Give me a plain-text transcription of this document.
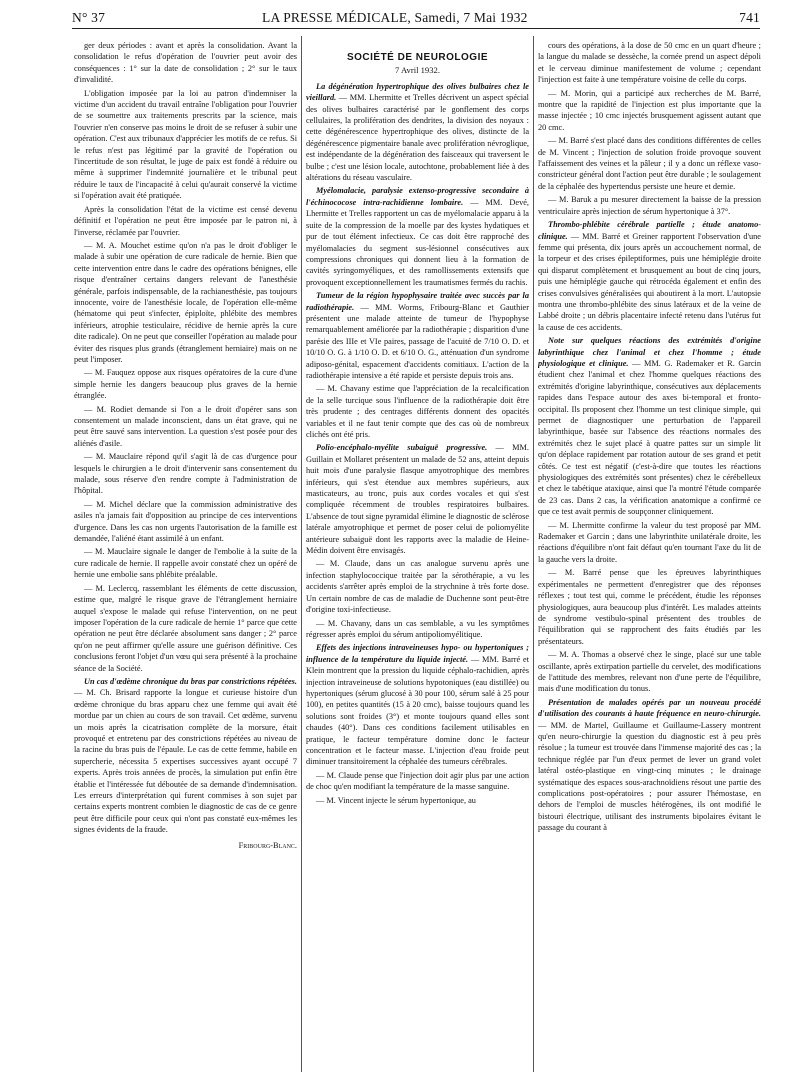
N° 37	LA PRESSE MÉDICALE, Samedi, 7 Mai 1932	741

ger deux périodes : avant et après la consolidation. Avant la consolidation le refus d'opération de l'ouvrier peut avoir des conséquences : 1° sur la date de consolidation ; 2° sur le taux d'invalidité.

L'obligation imposée par la loi au patron d'indemniser la victime d'un accident du travail entraîne l'obligation pour l'ouvrier de se soumettre aux traitements prescrits par la science, mais l'ouvrier n'en conserve pas moins le droit de se refuser à subir une opération. C'est aux tribunaux d'apprécier les motifs de ce refus. Si le refus n'est pas légitimé par la gravité de l'opération ou l'incertitude de son résultat, le juge de paix est fondé à réduire ou même à supprimer l'indemnité journalière et le tribunal peut réduire le taux de l'incapacité à celui qu'aurait conservé la victime si l'opération avait été pratiquée.

Après la consolidation l'état de la victime est censé devenu définitif et l'opération ne peut être imposée par le patron ni, à l'inverse, réclamée par l'ouvrier.

— M. A. Mouchet estime qu'on n'a pas le droit d'obliger le malade à subir une opération de cure radicale de hernie. Bien que cette intervention entre dans le cadre des opérations bénignes, elle risque d'entraîner certains dangers relevant de l'anesthésie générale, parfois indispensable, de la rachianesthésie, pas toujours innocente, voire de l'anesthésie locale, de l'opération elle-même (hématome qui peut s'infecter, épiploïte, phlébite des membres inférieurs, atrophie testiculaire, récidive de hernie après la cure dite radicale). On ne peut que conseiller l'opération au malade pour éviter des risques plus grands (étranglement herniaire) mais on ne peut l'imposer.

— M. Fauquez oppose aux risques opératoires de la cure d'une simple hernie les dangers beaucoup plus graves de la hernie étranglée.

— M. Rodiet demande si l'on a le droit d'opérer sans son consentement un malade inconscient, dans un état grave, qui ne peut être sauvé sans intervention. La question s'est posée pour des aliénés d'asile.

— M. Mauclaire répond qu'il s'agit là de cas d'urgence pour lesquels le chirurgien a le droit d'intervenir sans consentement du malade, sous réserve d'en rendre compte à l'administration de l'hôpital.

— M. Michel déclare que la commission administrative des asiles n'a jamais fait d'opposition au principe de ces interventions d'urgence. Dans les cas non urgents l'autorisation de la famille est demandée, l'aliéné étant assimilé à un enfant.

— M. Mauclaire signale le danger de l'embolie à la suite de la cure radicale de hernie. Il rappelle avoir constaté chez un opéré de hernie une embolie sans phlébite préalable.

— M. Leclercq, rassemblant les éléments de cette discussion, estime que, malgré le risque grave de l'étranglement herniaire auquel s'expose le malade qui refuse l'intervention, on ne peut imposer l'opération de la cure radicale de hernie 1° parce que cette opération ne peut être déclarée absolument sans danger ; 2° parce qu'on ne peut affirmer qu'elle assure une guérison définitive. Ces conclusions feront l'objet d'un vœu qui sera présenté à la prochaine séance de la Société.

Un cas d'œdème chronique du bras par constrictions répétées. — M. Ch. Brisard rapporte la longue et curieuse histoire d'un œdème chronique du bras apparu chez une femme qui avait été mordue par un chien au cours de son travail. Cet œdème, survenu un mois après la cicatrisation complète de la morsure, était provoqué et entretenu par des constrictions répétées au niveau de la racine du bras puis de l'épaule. Le cas de cette femme, habile en supercherie, nécessita 5 expertises successives ayant occupé 7 experts. Après trois années de procès, la simulation put enfin être établie et l'intéressée fut déboutée de sa demande d'indemnisation. Les erreurs d'interprétation qui furent commises à son sujet par certains experts montrent combien le diagnostic de cas de ce genre peut être difficile pour ceux qui n'ont pas constaté eux-mêmes les signes évidents de la fraude.

Fribourg-Blanc.
SOCIÉTÉ DE NEUROLOGIE
7 Avril 1932.

La dégénération hypertrophique des olives bulbaires chez le vieillard. — MM. Lhermitte et Trelles décrivent un aspect spécial des olives bulbaires caractérisé par le gonflement des corps cellulaires, la prolifération des dendrites, la division des noyaux : cette dégénérescence hypertrophique des olives, distincte de la dégénérescence pigmentaire banale avec prolifération névroglique, est indépendante de la dégénération des faisceaux qui traversent le bulbe ; c'est une lésion locale, autochtone, probablement liée à des altérations du réseau vasculaire.

Myélomalacie, paralysie extenso-progressive secondaire à l'échinococose intra-rachidienne lombaire. — MM. Devé, Lhermitte et Trelles rapportent un cas de myélomalacie apparu à la suite de la compression de la moelle par des kystes hydatiques et pur de tout élément infectieux. Ce cas doit être rapproché des myélomalacies du segment sus-lésionnel consécutives aux compressions chroniques qui donnent lieu à la formation de cavités syringomyéliques, et des ramollissements extensifs que provoquent exceptionnellement les traumatismes fermés du rachis.

Tumeur de la région hypophysaire traitée avec succès par la radiothérapie. — MM. Worms, Fribourg-Blanc et Gauthier présentent une malade atteinte de tumeur de l'hypophyse remarquablement améliorée par la radiothérapie ; disparition d'une parésie des IIIe et VIe paires, passage de l'acuité de 7/10 O. D. et 10/10 O. G. à 1/10 O. D. et 6/10 O. G., atténuation d'un syndrome adiposo-génital, espacement d'accidents comitiaux. L'action de la radiothérapie intensive a été rapide et persiste depuis trois ans.

— M. Chavany estime que l'appréciation de la recalcification de la selle turcique sous l'influence de la radiothérapie doit être très prudente ; des centrages différents donnent des opacités variables et il ne faut tenir compte que des cas où de nombreux clichés ont été pris.

Polio-encéphalo-myélite subaiguë progressive. — MM. Guillain et Mollaret présentent un malade de 52 ans, atteint depuis huit mois d'une paralysie flasque amyotrophique des membres inférieurs, qui s'est étendue aux membres supérieurs, aux masticateurs, au tronc, puis aux cordes vocales et qui s'est compliquée récemment de troubles respiratoires bulbaires. L'absence de tout signe pyramidal élimine le diagnostic de sclérose latérale amyotrophique et permet de poser celui de poliomyélite antérieure subaiguë dont les rapports avec la maladie de Heine-Médin doivent être envisagés.

— M. Claude, dans un cas analogue survenu après une infection staphylococcique traitée par la sérothérapie, a vu les accidents s'arrêter après emploi de la strychnine à très forte dose. Un certain nombre de cas de maladie de Duchenne sont peut-être d'origine toxi-infectieuse.

— M. Chavany, dans un cas semblable, a vu les symptômes régresser après emploi du sérum antipoliomyélitique.

Effets des injections intraveineuses hypo- ou hypertoniques ; influence de la température du liquide injecté. — MM. Barré et Klein montrent que la pression du liquide céphalo-rachidien, après injection intraveineuse de solutions hypotoniques (eau distillée) ou hypertoniques (sérum glucosé à 30 pour 100, sérum salé à 25 pour 100), en petites quantités (15 à 20 cmc), baisse toujours quand les solutions sont froides (3°) et monte toujours quand elles sont chaudes (40°). Dans ces conditions facilement utilisables en pratique, le facteur température domine donc le facteur concentration et le facteur masse. L'injection d'eau froide peut diminuer transitoirement la céphalée des tumeurs cérébrales.

— M. Claude pense que l'injection doit agir plus par une action de choc qu'en modifiant la température de la masse sanguine.

— M. Vincent injecte le sérum hypertonique, au

cours des opérations, à la dose de 50 cmc en un quart d'heure ; la langue du malade se dessèche, la cornée prend un aspect dépoli et le cerveau diminue manifestement de volume ; cependant l'injection est faite à une température voisine de celle du corps.

— M. Morin, qui a participé aux recherches de M. Barré, montre que la rapidité de l'injection est plus importante que la masse injectée ; 10 cmc injectés brusquement agissent autant que 20 cmc.

— M. Barré s'est placé dans des conditions différentes de celles de M. Vincent ; l'injection de solution froide provoque souvent l'affaissement des veines et la pâleur ; il y a donc un réflexe vaso-constricteur général dont l'action peut être durable ; le soulagement de la céphalée des hypertendus persiste une heure et demie.

— M. Baruk a pu mesurer directement la baisse de la pression ventriculaire après injection de sérum hypertonique à 37°.

Thrombo-phlébite cérébrale partielle ; étude anatomo-clinique. — MM. Barré et Greiner rapportent l'observation d'une femme qui présenta, dix jours après un accouchement normal, de la torpeur et des crises épileptiformes, puis une hémiplégie droite qui disparut complètement et brusquement au bout de cinq jours, puis une hémiplégie gauche qui rétrocéda également et enfin des crises convulsives généralisées qui aboutirent à la mort. L'autopsie montra une thrombo-phlébite des sinus latéraux et de la veine de Labbé droite ; un débris placentaire infecté retenu dans l'utérus fut la cause de ces accidents.

Note sur quelques réactions des extrémités d'origine labyrinthique chez l'animal et chez l'homme ; étude physiologique et clinique. — MM. G. Rademaker et R. Garcin étudient chez l'animal et chez l'homme quelques réactions des extrémités d'origine labyrinthique, consécutives aux déplacements rapides dans l'espace autour des axes bi-temporal et fronto-occipital. Ils proposent chez l'homme un test clinique simple, qui permet de diagnostiquer une perturbation de l'appareil labyrinthique, basée sur l'absence des réactions normales des extrémités chez le sujet placé à quatre pattes sur un simple lit qu'on déplace rapidement par rotation autour de ses grand et petit côtés. Ce test est négatif (c'est-à-dire que toutes les réactions physiologiques des extrémités sont présentes) chez le cérébelleux et chez le tabétique ataxique, ainsi que l'a montré l'étude comparée de 23 cas. Dans 2 cas, la vérification anatomique a confirmé ce que ce test avait permis de soupçonner cliniquement.

— M. Lhermitte confirme la valeur du test proposé par MM. Rademaker et Garcin ; dans une labyrinthite unilatérale droite, les réactions d'équilibre n'ont fait défaut qu'en tournant l'axe du lit de la gauche vers la droite.

— M. Barré pense que les épreuves labyrinthiques expérimentales ne permettent d'enregistrer que des réponses réflexes ; tout test qui, comme le précédent, étudie les réponses physiologiques, aura beaucoup plus d'intérêt. Les malades atteints de syndrome vestibulo-spinal présentent des troubles de l'équilibration qui se rapprochent des faits étudiés par les présentateurs.

— M. A. Thomas a observé chez le singe, placé sur une table oscillante, après extirpation partielle du cervelet, des modifications de l'attitude des membres, relevant non d'une perte de l'équilibre, mais d'une modification du tonus.

Présentation de malades opérés par un nouveau procédé d'utilisation des courants à haute fréquence en neuro-chirurgie. — MM. de Martel, Guillaume et Guillaume-Lassery montrent qu'en neuro-chirurgie la question du diagnostic est à peu près résolue ; la tumeur est trouvée dans l'immense majorité des cas ; la technique réglée par l'un d'eux permet de lever un grand volet latéral ostéo-plastique en vingt-cinq minutes ; le drainage systématique des espaces sous-arachnoïdiens résout une partie des complications post-opératoires ; pour assurer l'hémostase, en dehors de l'emploi de muscles hétérogènes, ils ont modifié le bistouri électrique, utilisant des instruments bipolaires évitant le passage du courant à
